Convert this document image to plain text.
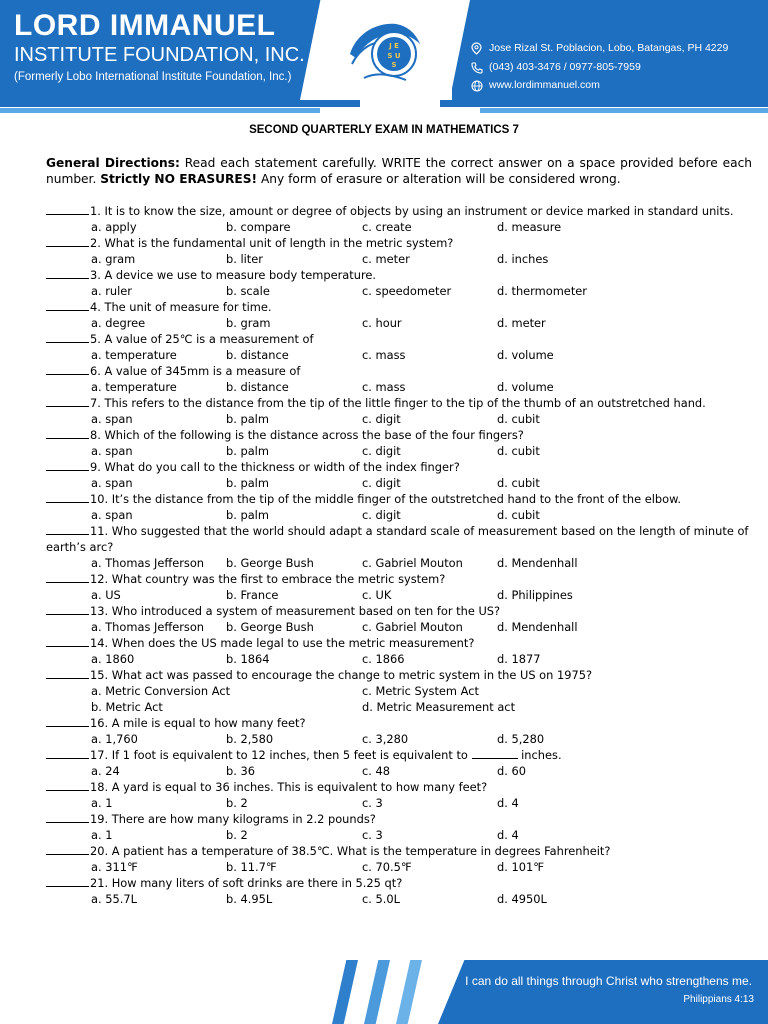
LORD IMMANUEL
INSTITUTE FOUNDATION, INC.
(Formerly Lobo International Institute Foundation, Inc.)
J E
S U
S
Jose Rizal St. Poblacion, Lobo, Batangas, PH 4229
(043) 403-3476 / 0977-805-7959
www.lordimmanuel.com
SECOND QUARTERLY EXAM IN MATHEMATICS 7
General Directions: Read each statement carefully. WRITE the correct answer on a space provided before each number. Strictly NO ERASURES! Any form of erasure or alteration will be considered wrong.
1. It is to know the size, amount or degree of objects by using an instrument or device marked in standard units.
a. apply	b. compare	c. create	d. measure
2. What is the fundamental unit of length in the metric system?
a. gram	b. liter	c. meter	d. inches
3. A device we use to measure body temperature.
a. ruler	b. scale	c. speedometer	d. thermometer
4. The unit of measure for time.
a. degree	b. gram	c. hour	d. meter
5. A value of 25℃ is a measurement of
a. temperature	b. distance	c. mass	d. volume
6. A value of 345mm is a measure of
a. temperature	b. distance	c. mass	d. volume
7. This refers to the distance from the tip of the little finger to the tip of the thumb of an outstretched hand.
a. span	b. palm	c. digit	d. cubit
8. Which of the following is the distance across the base of the four fingers?
a. span	b. palm	c. digit	d. cubit
9. What do you call to the thickness or width of the index finger?
a. span	b. palm	c. digit	d. cubit
10. It’s the distance from the tip of the middle finger of the outstretched hand to the front of the elbow.
a. span	b. palm	c. digit	d. cubit
11. Who suggested that the world should adapt a standard scale of measurement based on the length of minute of earth’s arc?
a. Thomas Jefferson b. George Bush	c. Gabriel Mouton	d. Mendenhall
12. What country was the first to embrace the metric system?
a. US	b. France	c. UK	d. Philippines
13. Who introduced a system of measurement based on ten for the US?
a. Thomas Jefferson b. George Bush	c. Gabriel Mouton	d. Mendenhall
14. When does the US made legal to use the metric measurement?
a. 1860	b. 1864	c. 1866	d. 1877
15. What act was passed to encourage the change to metric system in the US on 1975?
a. Metric Conversion Act	c. Metric System Act
b. Metric Act	d. Metric Measurement act
16. A mile is equal to how many feet?
a. 1,760	b. 2,580	c. 3,280	d. 5,280
17. If 1 foot is equivalent to 12 inches, then 5 feet is equivalent to	inches.
a. 24	b. 36	c. 48	d. 60
18. A yard is equal to 36 inches. This is equivalent to how many feet?
a. 1	b. 2	c. 3	d. 4
19. There are how many kilograms in 2.2 pounds?
a. 1	b. 2	c. 3	d. 4
20. A patient has a temperature of 38.5℃. What is the temperature in degrees Fahrenheit?
a. 311℉	b. 11.7℉	c. 70.5℉	d. 101℉
21. How many liters of soft drinks are there in 5.25 qt?
a. 55.7L	b. 4.95L	c. 5.0L	d. 4950L
I can do all things through Christ who strengthens me.
Philippians 4:13
